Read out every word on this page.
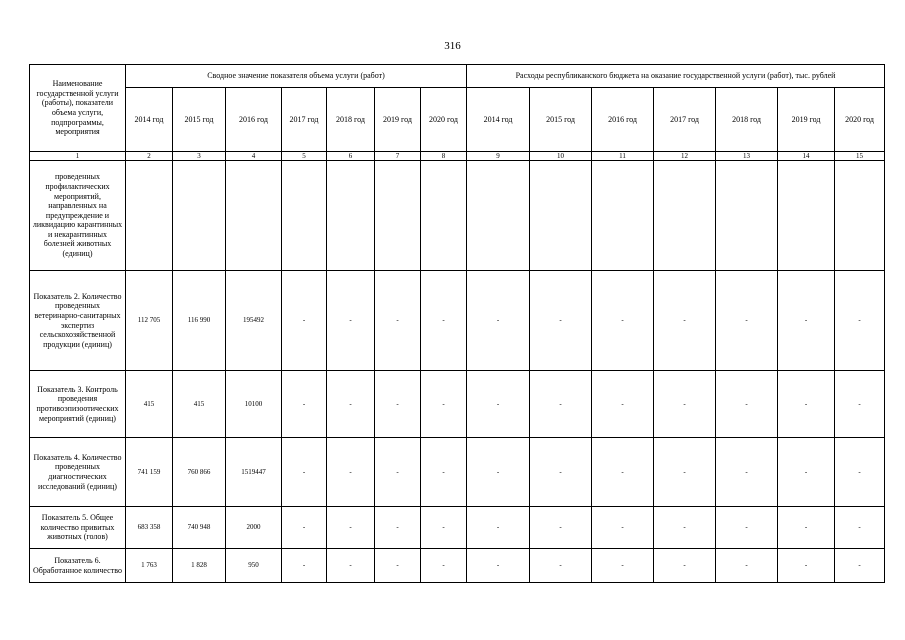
316
Наименование государственной услуги (работы), показатели объема услуги, подпрограммы, мероприятия	Сводное значение показателя объема услуги (работ)							Расходы республиканского бюджета на оказание государственной услуги (работ), тыс. рублей						
	2014 год	2015 год	2016 год	2017 год	2018 год	2019 год	2020 год	2014 год	2015 год	2016 год	2017 год	2018 год	2019 год	2020 год
1	2	3	4	5	6	7	8	9	10	11	12	13	14	15
проведенных профилактических мероприятий, направленных на предупреждение и ликвидацию карантинных и некарантинных болезней животных (единиц)														
Показатель 2. Количество проведенных ветеринарно-санитарных экспертиз сельскохозяйственной продукции (единиц)	112 705	116 990	195492	-	-	-	-	-	-	-	-	-	-	-
Показатель 3. Контроль проведения противоэпизоотических мероприятий (единиц)	415	415	10100	-	-	-	-	-	-	-	-	-	-	-
Показатель 4. Количество проведенных диагностических исследований (единиц)	741 159	760 866	1519447	-	-	-	-	-	-	-	-	-	-	-
Показатель 5. Общее количество привитых животных (голов)	683 358	740 948	2000	-	-	-	-	-	-	-	-	-	-	-
Показатель 6. Обработанное количество	1 763	1 828	950	-	-	-	-	-	-	-	-	-	-	-
